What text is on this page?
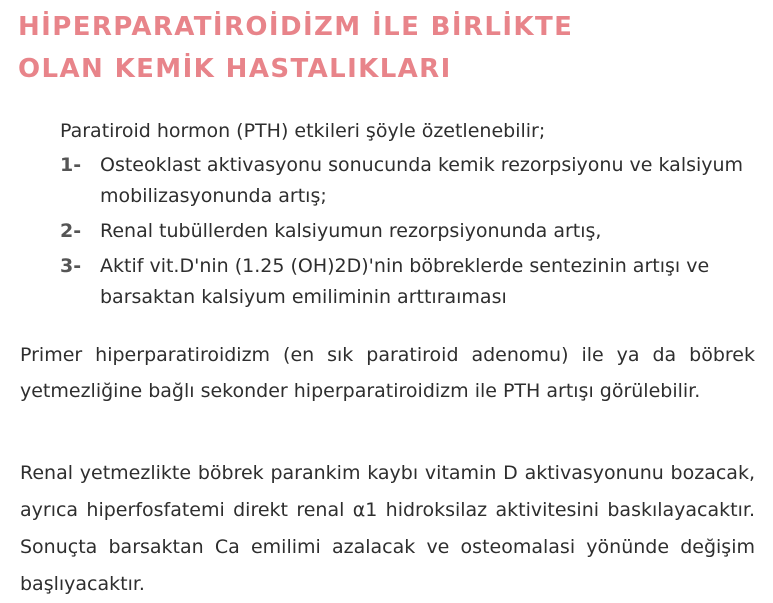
HİPERPARATİROİDİZM İLE BİRLİKTE
OLAN KEMİK HASTALIKLARI

Paratiroid hormon (PTH) etkileri şöyle özetlenebilir;

1- Osteoklast aktivasyonu sonucunda kemik rezorpsiyonu ve kalsiyum mobilizasyonunda artış;
2- Renal tubüllerden kalsiyumun rezorpsiyonunda artış,
3- Aktif vit.D'nin (1.25 (OH)2D)'nin böbreklerde sentezinin artışı ve barsaktan kalsiyum emiliminin arttıraıması

Primer hiperparatiroidizm (en sık paratiroid adenomu) ile ya da böbrek yetmezliğine bağlı sekonder hiperparatiroidizm ile PTH artışı görülebilir.

Renal yetmezlikte böbrek parankim kaybı vitamin D aktivasyonunu bozacak, ayrıca hiperfosfatemi direkt renal α1 hidroksilaz aktivitesini baskılayacaktır. Sonuçta barsaktan Ca emilimi azalacak ve osteomalasi yönünde değişim başlıyacaktır.
